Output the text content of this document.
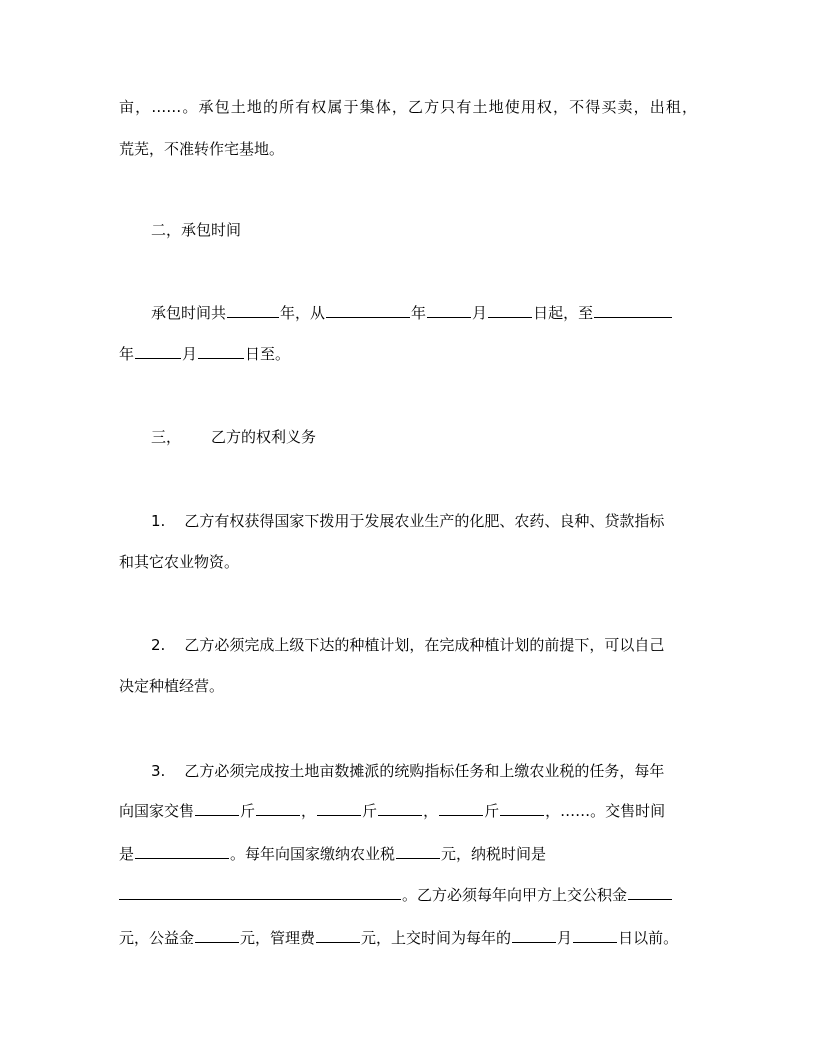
亩，……。承包土地的所有权属于集体，乙方只有土地使用权，不得买卖，出租，
荒芜，不准转作宅基地。
二，承包时间
承包时间共	年，从	年	月	日起，至
年	月	日至。
三， 乙方的权利义务
1. 乙方有权获得国家下拨用于发展农业生产的化肥、农药、良种、贷款指标
和其它农业物资。
2. 乙方必须完成上级下达的种植计划，在完成种植计划的前提下，可以自己
决定种植经营。
3. 乙方必须完成按土地亩数摊派的统购指标任务和上缴农业税的任务，每年
向国家交售	斤	，	斤	，	斤	，……。交售时间
是	。每年向国家缴纳农业税	元，纳税时间是
。乙方必须每年向甲方上交公积金
元，公益金	元，管理费	元，上交时间为每年的	月	日以前。
